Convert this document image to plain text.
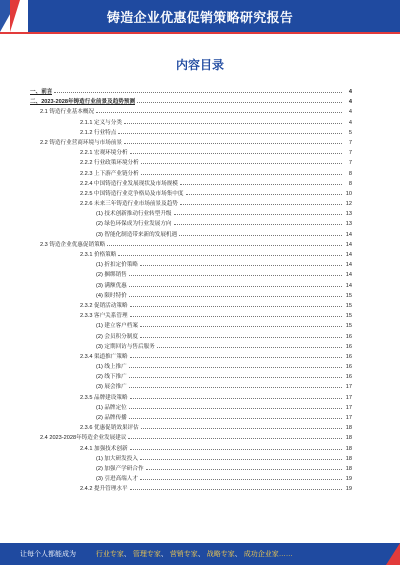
铸造企业优惠促销策略研究报告
内容目录
一、前言	4
二、2023-2028年铸造行业前景及趋势预测	4
2.1 铸造行业基本概况	4
2.1.1 定义与分类	4
2.1.2 行业特点	5
2.2 铸造行业营商环境与市场前景	7
2.2.1 宏观环境分析	7
2.2.2 行业政策环境分析	7
2.2.3 上下游产业链分析	8
2.2.4 中国铸造行业发展现状及市场规模	8
2.2.5 中国铸造行业竞争格局及市场集中度	10
2.2.6 未来三年铸造行业市场前景及趋势	12
(1) 技术创新推动行业转型升级	13
(2) 绿色环保成为行业发展方向	13
(3) 智能化制造带来新的发展机遇	14
2.3 铸造企业优惠促销策略	14
2.3.1 价格策略	14
(1) 折扣定价策略	14
(2) 捆绑销售	14
(3) 满额优惠	14
(4) 限时特价	15
2.3.2 促销活动策略	15
2.3.3 客户关系管理	15
(1) 建立客户档案	15
(2) 会员积分制度	16
(3) 定期回访与售后服务	16
2.3.4 渠道推广策略	16
(1) 线上推广	16
(2) 线下推广	16
(3) 展会推广	17
2.3.5 品牌建设策略	17
(1) 品牌定位	17
(2) 品牌传播	17
2.3.6 优惠促销效果评估	18
2.4 2023-2028年铸造企业发展建议	18
2.4.1 加强技术创新	18
(1) 加大研发投入	18
(2) 加强产学研合作	18
(3) 引进高端人才	19
2.4.2 提升管理水平	19
让每个人都能成为	行业专家、 管理专家、 营销专家、 战略专家、 成功企业家……
